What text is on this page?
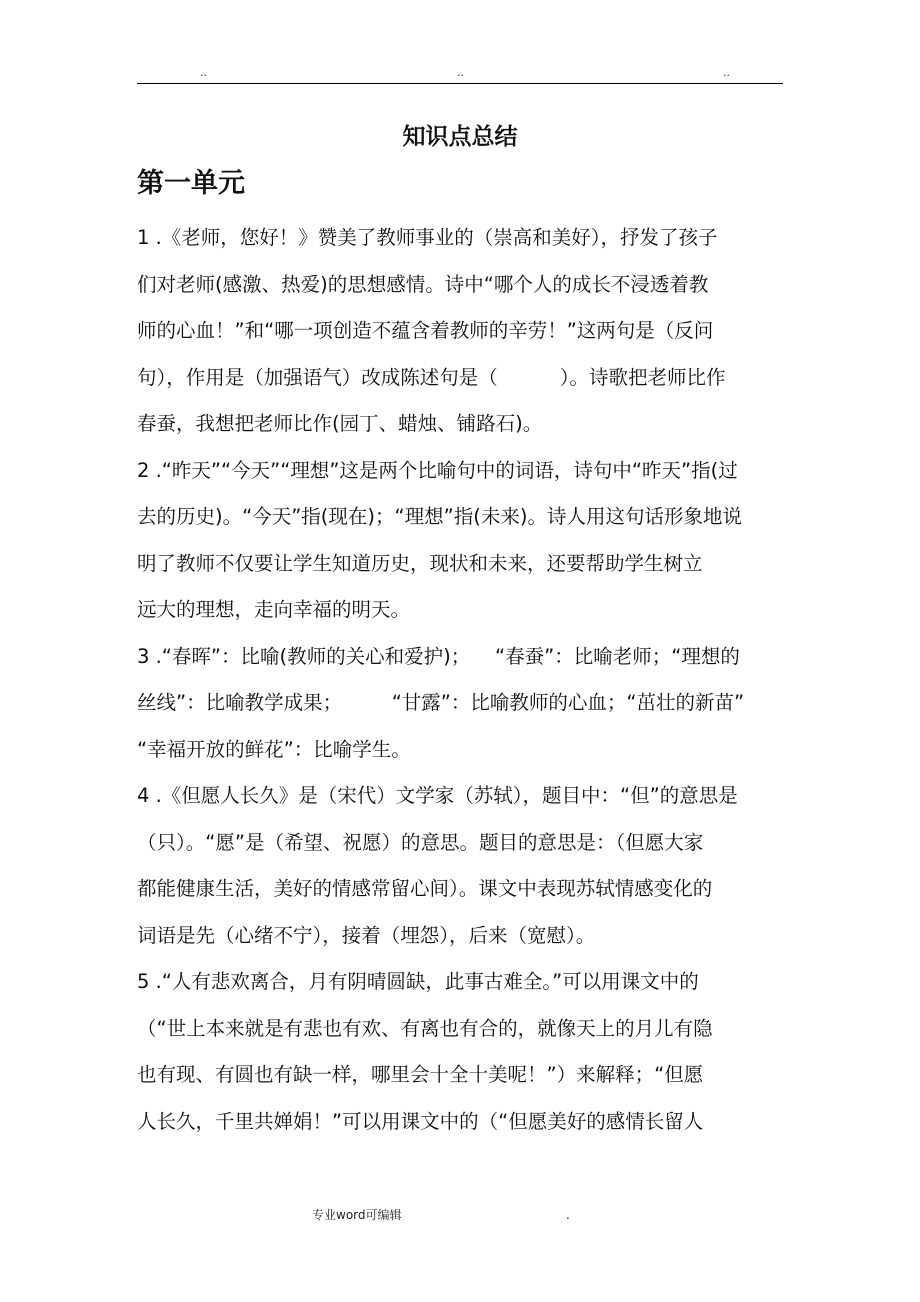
..	..	..
知识点总结
第一单元
1 .《老师，您好！》赞美了教师事业的（崇高和美好），抒发了孩子
们对老师(感激、热爱)的思想感情。诗中“哪个人的成长不浸透着教
师的心血！”和“哪一项创造不蕴含着教师的辛劳！”这两句是（反问
句），作用是（加强语气）改成陈述句是（          ）。诗歌把老师比作
春蚕，我想把老师比作(园丁、蜡烛、铺路石)。
2 .“昨天”“今天”“理想”这是两个比喻句中的词语，诗句中“昨天”指(过
去的历史)。“今天”指(现在)；“理想”指(未来)。诗人用这句话形象地说
明了教师不仅要让学生知道历史，现状和未来，还要帮助学生树立
远大的理想，走向幸福的明天。
3 .“春晖”：比喻(教师的关心和爱护)；    “春蚕”：比喻老师；“理想的
丝线”：比喻教学成果；        “甘露”：比喻教师的心血；“茁壮的新苗”
“幸福开放的鲜花”：比喻学生。
4 .《但愿人长久》是（宋代）文学家（苏轼），题目中：“但”的意思是
（只）。“愿”是（希望、祝愿）的意思。题目的意思是：（但愿大家
都能健康生活，美好的情感常留心间）。课文中表现苏轼情感变化的
词语是先（心绪不宁），接着（埋怨），后来（宽慰）。
5 .“人有悲欢离合，月有阴晴圆缺，此事古难全。”可以用课文中的
（“世上本来就是有悲也有欢、有离也有合的，就像天上的月儿有隐
也有现、有圆也有缺一样，哪里会十全十美呢！”）来解释；“但愿
人长久，千里共婵娟！”可以用课文中的（“但愿美好的感情长留人
专业word可编辑	.
